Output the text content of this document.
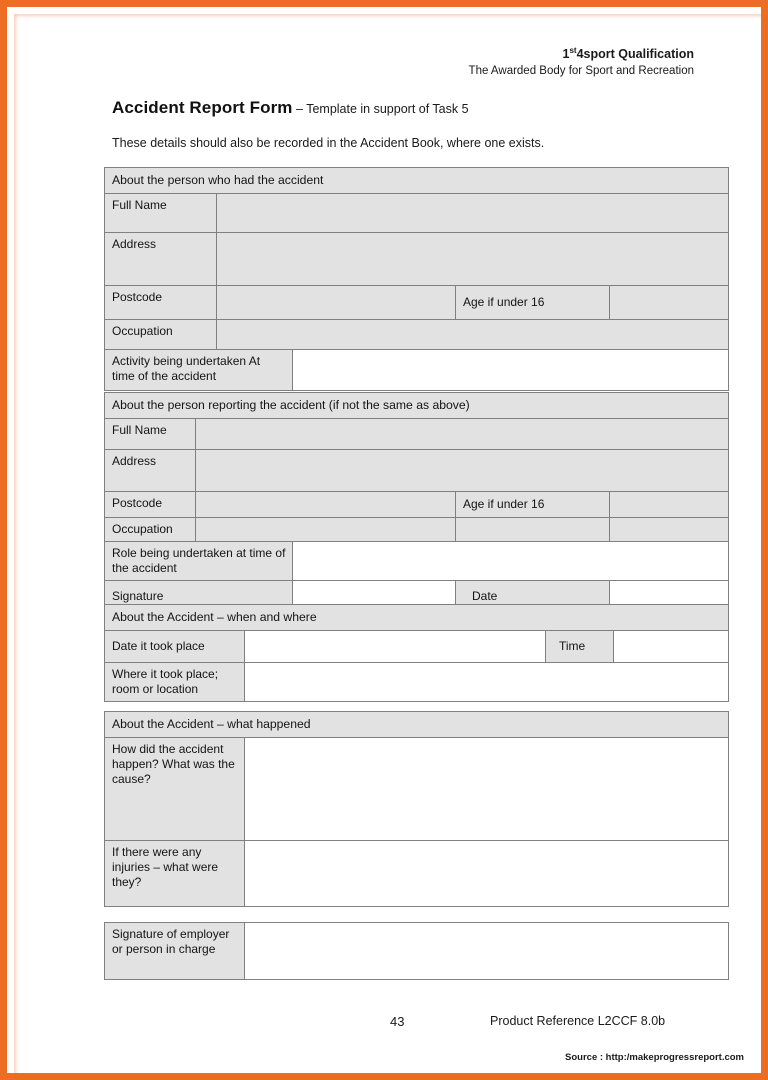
1st4sport Qualification
The Awarded Body for Sport and Recreation
Accident Report Form – Template in support of Task 5
These details should also be recorded in the Accident Book, where one exists.
About the person who had the accident				
Full Name				
Address				
Postcode			Age if under 16	
Occupation				
Activity being undertaken At time of the accident				
About the person reporting the accident (if not the same as above)				
Full Name				
Address				
Postcode			Age if under 16	
Occupation				
Role being undertaken at time of the accident				
Signature			Date	
About the Accident – when and where			
Date it took place		Time	
Where it took place; room or location			
About the Accident – what happened	
How did the accident happen? What was the cause?	
If there were any injuries – what were they?	
Signature of employer or person in charge	
43	Product Reference L2CCF 8.0b
Source : http:/makeprogressreport.com
